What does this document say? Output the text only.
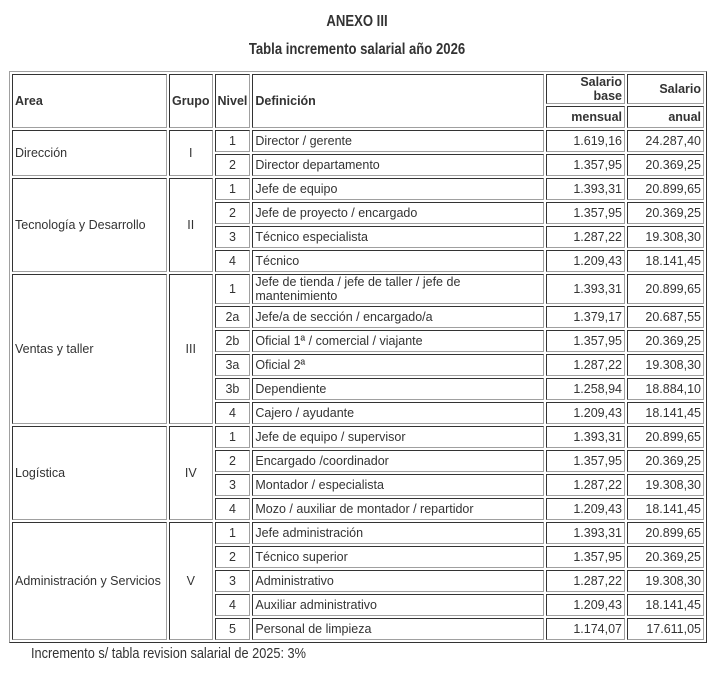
ANEXO III
Tabla incremento salarial año 2026
Area	Grupo	Nivel	Definición	Salario base	Salario
				mensual	anual
Dirección	I	1	Director / gerente	1.619,16	24.287,40
		2	Director departamento	1.357,95	20.369,25
Tecnología y Desarrollo	II	1	Jefe de equipo	1.393,31	20.899,65
		2	Jefe de proyecto / encargado	1.357,95	20.369,25
		3	Técnico especialista	1.287,22	19.308,30
		4	Técnico	1.209,43	18.141,45
Ventas y taller	III	1	Jefe de tienda / jefe de taller / jefe de mantenimiento	1.393,31	20.899,65
		2a	Jefe/a de sección / encargado/a	1.379,17	20.687,55
		2b	Oficial 1ª / comercial / viajante	1.357,95	20.369,25
		3a	Oficial 2ª	1.287,22	19.308,30
		3b	Dependiente	1.258,94	18.884,10
		4	Cajero / ayudante	1.209,43	18.141,45
Logística	IV	1	Jefe de equipo / supervisor	1.393,31	20.899,65
		2	Encargado /coordinador	1.357,95	20.369,25
		3	Montador / especialista	1.287,22	19.308,30
		4	Mozo / auxiliar de montador / repartidor	1.209,43	18.141,45
Administración y Servicios	V	1	Jefe administración	1.393,31	20.899,65
		2	Técnico superior	1.357,95	20.369,25
		3	Administrativo	1.287,22	19.308,30
		4	Auxiliar administrativo	1.209,43	18.141,45
		5	Personal de limpieza	1.174,07	17.611,05
Incremento s/ tabla revision salarial de 2025: 3%
